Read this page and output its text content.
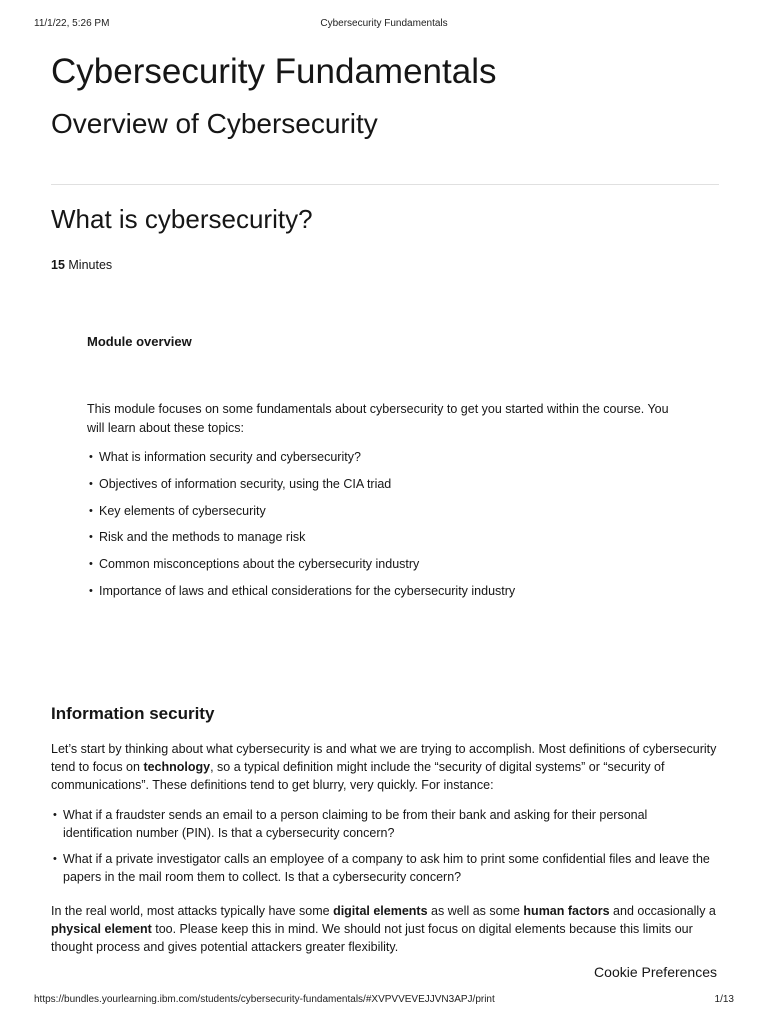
11/1/22, 5:26 PM	Cybersecurity Fundamentals
Cybersecurity Fundamentals
Overview of Cybersecurity
What is cybersecurity?
15 Minutes
Module overview

This module focuses on some fundamentals about cybersecurity to get you started within the course. You will learn about these topics:

• What is information security and cybersecurity?
• Objectives of information security, using the CIA triad
• Key elements of cybersecurity
• Risk and the methods to manage risk
• Common misconceptions about the cybersecurity industry
• Importance of laws and ethical considerations for the cybersecurity industry
Information security

Let’s start by thinking about what cybersecurity is and what we are trying to accomplish. Most definitions of cybersecurity tend to focus on technology, so a typical definition might include the “security of digital systems” or “security of communications”. These definitions tend to get blurry, very quickly. For instance:

• What if a fraudster sends an email to a person claiming to be from their bank and asking for their personal identification number (PIN). Is that a cybersecurity concern?
• What if a private investigator calls an employee of a company to ask him to print some confidential files and leave the papers in the mail room them to collect. Is that a cybersecurity concern?

In the real world, most attacks typically have some digital elements as well as some human factors and occasionally a physical element too. Please keep this in mind. We should not just focus on digital elements because this limits our thought process and gives potential attackers greater flexibility.

Cookie Preferences
https://bundles.yourlearning.ibm.com/students/cybersecurity-fundamentals/#XVPVVEVEJJVN3APJ/print	1/13
